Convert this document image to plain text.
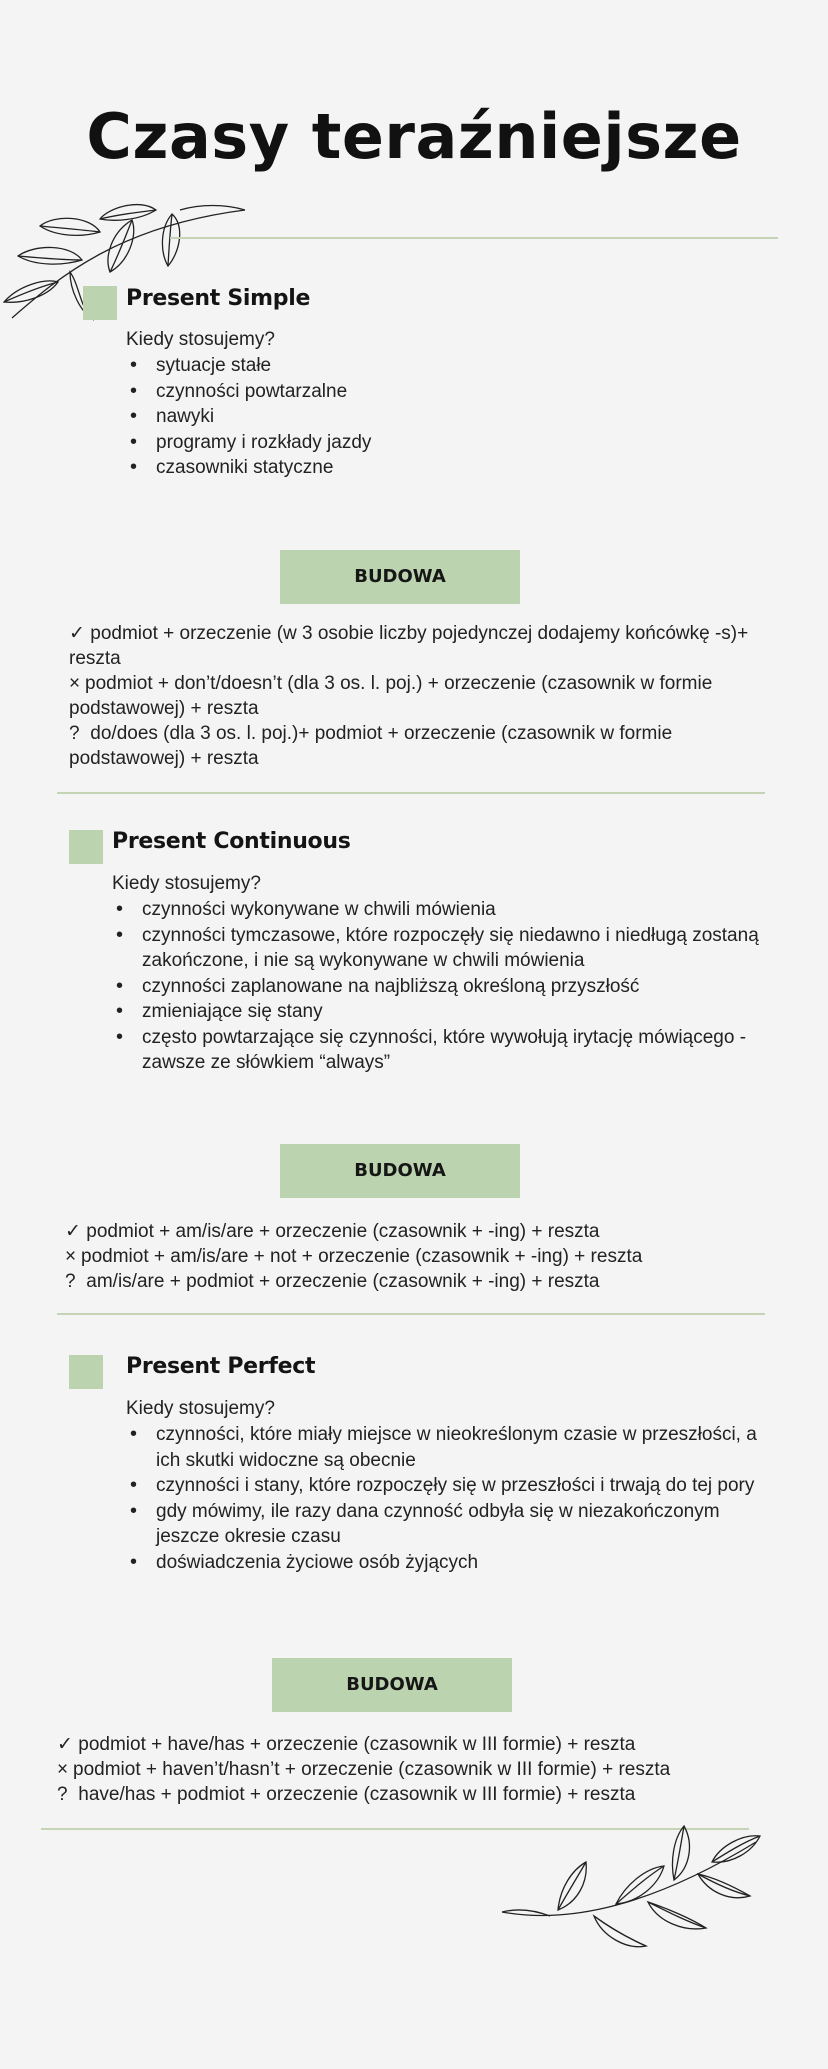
Czasy teraźniejsze
Present Simple
Kiedy stosujemy?
• sytuacje stałe
• czynności powtarzalne
• nawyki
• programy i rozkłady jazdy
• czasowniki statyczne
BUDOWA
✓ podmiot + orzeczenie (w 3 osobie liczby pojedynczej dodajemy końcówkę -s)+ reszta
× podmiot + don’t/doesn’t (dla 3 os. l. poj.) + orzeczenie (czasownik w formie podstawowej) + reszta
? do/does (dla 3 os. l. poj.)+ podmiot + orzeczenie (czasownik w formie podstawowej) + reszta
Present Continuous
Kiedy stosujemy?
• czynności wykonywane w chwili mówienia
• czynności tymczasowe, które rozpoczęły się niedawno i niedługą zostaną zakończone, i nie są wykonywane w chwili mówienia
• czynności zaplanowane na najbliższą określoną przyszłość
• zmieniające się stany
• często powtarzające się czynności, które wywołują irytację mówiącego - zawsze ze słówkiem “always”
BUDOWA
✓ podmiot + am/is/are + orzeczenie (czasownik + -ing) + reszta
× podmiot + am/is/are + not + orzeczenie (czasownik + -ing) + reszta
? am/is/are + podmiot + orzeczenie (czasownik + -ing) + reszta
Present Perfect
Kiedy stosujemy?
• czynności, które miały miejsce w nieokreślonym czasie w przeszłości, a ich skutki widoczne są obecnie
• czynności i stany, które rozpoczęły się w przeszłości i trwają do tej pory
• gdy mówimy, ile razy dana czynność odbyła się w niezakończonym jeszcze okresie czasu
• doświadczenia życiowe osób żyjących
BUDOWA
✓ podmiot + have/has + orzeczenie (czasownik w III formie) + reszta
× podmiot + haven’t/hasn’t + orzeczenie (czasownik w III formie) + reszta
? have/has + podmiot + orzeczenie (czasownik w III formie) + reszta
